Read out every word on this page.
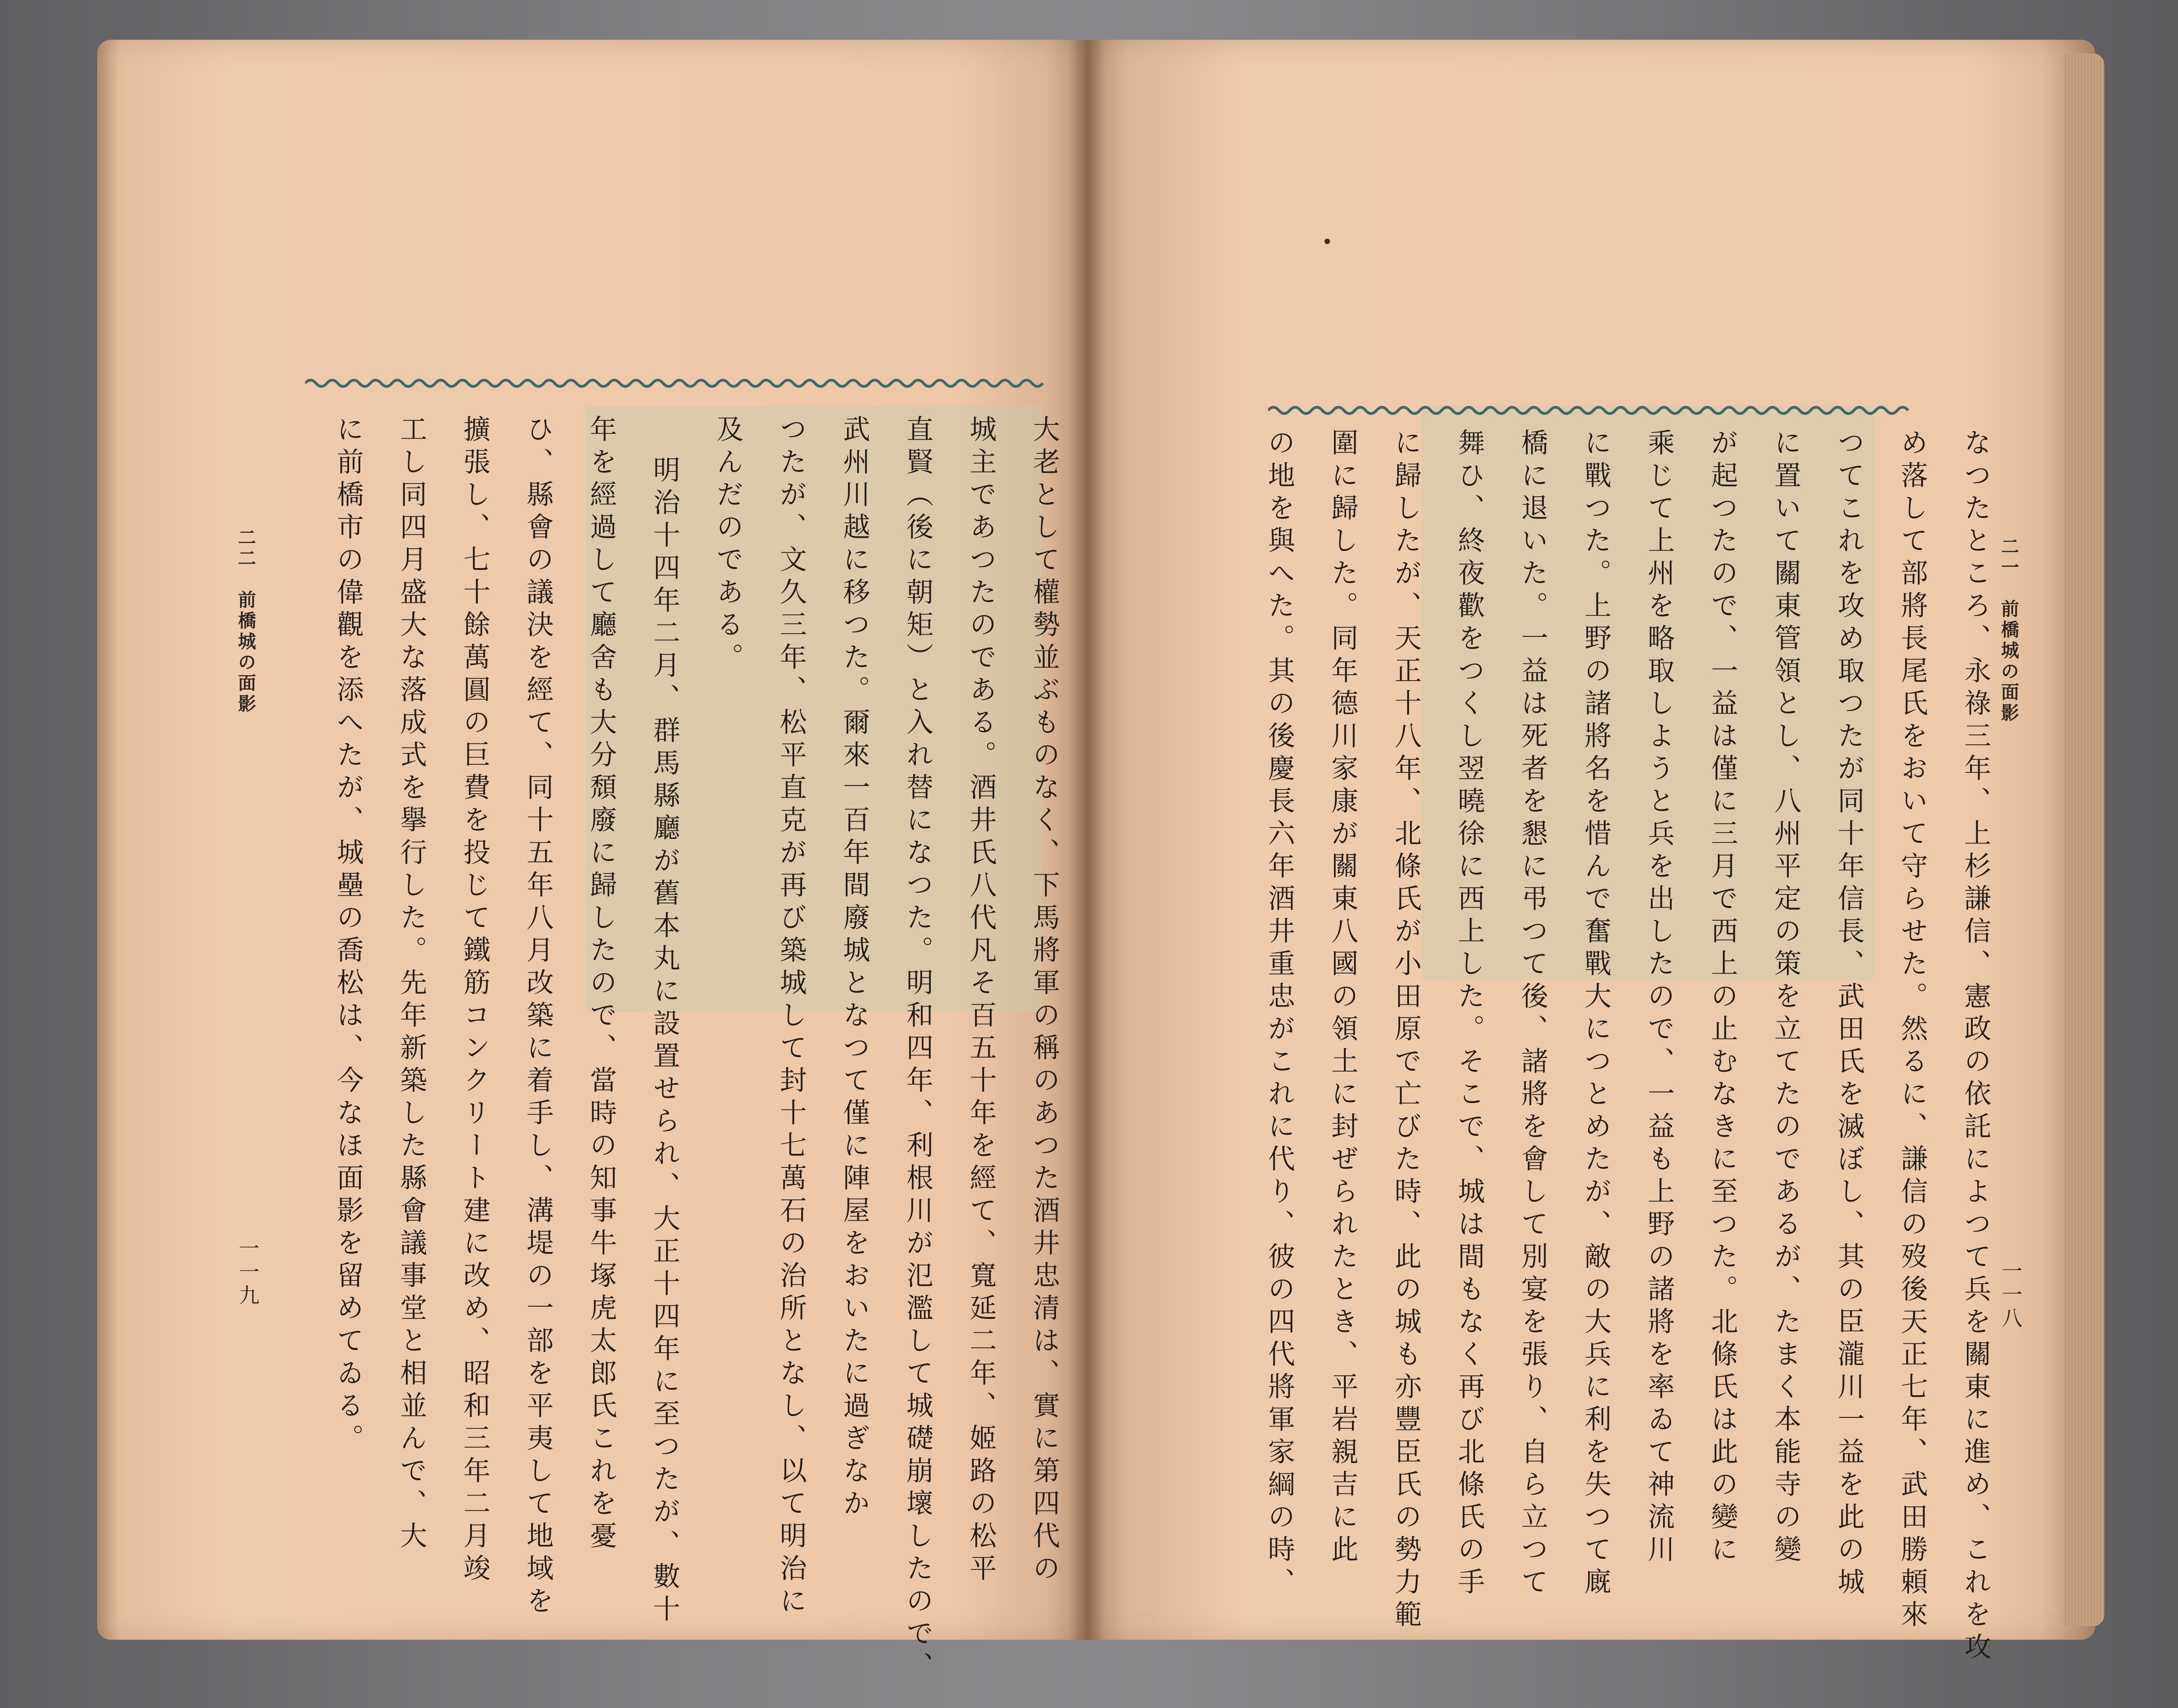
大老として權勢並ぶものなく、下馬將軍の稱のあつた酒井忠清は、實に第四代の
城主であつたのである。酒井氏八代凡そ百五十年を經て、寬延二年、姬路の松平
直賢（後に朝矩）と入れ替になつた。明和四年、利根川が氾濫して城礎崩壞したので、
武州川越に移つた。爾來一百年間廢城となつて僅に陣屋をおいたに過ぎなか
つたが、文久三年、松平直克が再び築城して封十七萬石の治所となし、以て明治に
及んだのである。
明治十四年二月、群馬縣廳が舊本丸に設置せられ、大正十四年に至つたが、數十
年を經過して廳舍も大分頹廢に歸したので、當時の知事牛塚虎太郎氏これを憂
ひ、縣會の議決を經て、同十五年八月改築に着手し、溝堤の一部を平夷して地域を
擴張し、七十餘萬圓の巨費を投じて鐵筋コンクリート建に改め、昭和三年二月竣
工し同四月盛大な落成式を擧行した。先年新築した縣會議事堂と相並んで、大
に前橋市の偉觀を添へたが、城壘の喬松は、今なほ面影を留めてゐる。
二二　前橋城の面影
一一九	なつたところ、永祿三年、上杉謙信、憲政の依託によつて兵を關東に進め、これを攻
め落して部將長尾氏をおいて守らせた。然るに、謙信の歿後天正七年、武田勝頼來
つてこれを攻め取つたが同十年信長、武田氏を滅ぼし、其の臣瀧川一益を此の城
に置いて關東管領とし、八州平定の策を立てたのであるが、たまく本能寺の變
が起つたので、一益は僅に三月で西上の止むなきに至つた。北條氏は此の變に
乘じて上州を略取しようと兵を出したので、一益も上野の諸將を率ゐて神流川
に戰つた。上野の諸將名を惜んで奮戰大につとめたが、敵の大兵に利を失つて廐
橋に退いた。一益は死者を懇に弔つて後、諸將を會して別宴を張り、自ら立つて
舞ひ、終夜歡をつくし翌曉徐に西上した。そこで、城は間もなく再び北條氏の手
に歸したが、天正十八年、北條氏が小田原で亡びた時、此の城も亦豐臣氏の勢力範
圍に歸した。同年德川家康が關東八國の領土に封ぜられたとき、平岩親吉に此
の地を與へた。其の後慶長六年酒井重忠がこれに代り、彼の四代將軍家綱の時、	二一　前橋城の面影
一一八
